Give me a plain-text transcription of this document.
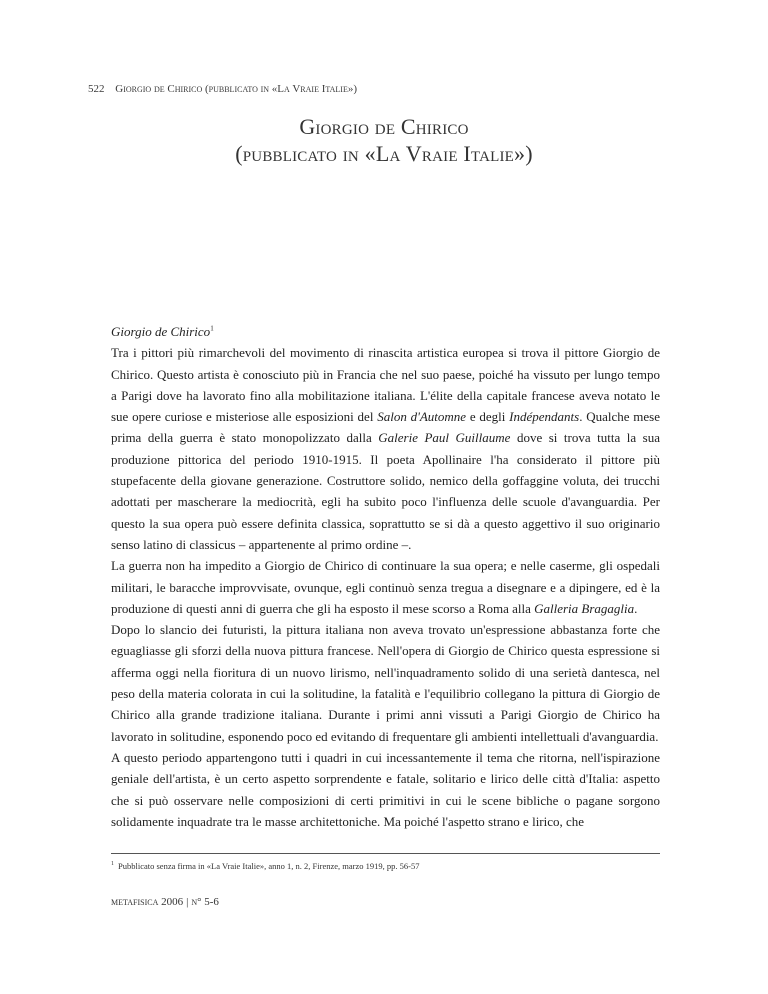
522 Giorgio de Chirico (pubblicato in «La Vraie Italie»)
Giorgio de Chirico
(pubblicato in «La Vraie Italie»)

Giorgio de Chirico$^1$

Tra i pittori più rimarchevoli del movimento di rinascita artistica europea si trova il pittore Giorgio de Chirico. Questo artista è conosciuto più in Francia che nel suo paese, poiché ha vissuto per lungo tempo a Parigi dove ha lavorato fino alla mobilitazione italiana. L'élite della capitale francese aveva notato le sue opere curiose e misteriose alle esposizioni del Salon d'Automne e degli Indépendants. Qualche mese prima della guerra è stato monopolizzato dalla Galerie Paul Guillaume dove si trova tutta la sua produzione pittorica del periodo 1910-1915. Il poeta Apollinaire l'ha considerato il pittore più stupefacente della giovane generazione. Costruttore solido, nemico della goffaggine voluta, dei trucchi adottati per mascherare la mediocrità, egli ha subito poco l'influenza delle scuole d'avanguardia. Per questo la sua opera può essere definita classica, soprattutto se si dà a questo aggettivo il suo originario senso latino di classicus – appartenente al primo ordine –.

La guerra non ha impedito a Giorgio de Chirico di continuare la sua opera; e nelle caserme, gli ospedali militari, le baracche improvvisate, ovunque, egli continuò senza tregua a disegnare e a dipingere, ed è la produzione di questi anni di guerra che gli ha esposto il mese scorso a Roma alla Galleria Bragaglia.

Dopo lo slancio dei futuristi, la pittura italiana non aveva trovato un'espressione abbastanza forte che eguagliasse gli sforzi della nuova pittura francese. Nell'opera di Giorgio de Chirico questa espressione si afferma oggi nella fioritura di un nuovo lirismo, nell'inquadramento solido di una serietà dantesca, nel peso della materia colorata in cui la solitudine, la fatalità e l'equilibrio collegano la pittura di Giorgio de Chirico alla grande tradizione italiana. Durante i primi anni vissuti a Parigi Giorgio de Chirico ha lavorato in solitudine, esponendo poco ed evitando di frequentare gli ambienti intellettuali d'avanguardia.

A questo periodo appartengono tutti i quadri in cui incessantemente il tema che ritorna, nell'ispirazione geniale dell'artista, è un certo aspetto sorprendente e fatale, solitario e lirico delle città d'Italia: aspetto che si può osservare nelle composizioni di certi primitivi in cui le scene bibliche o pagane sorgono solidamente inquadrate tra le masse architettoniche. Ma poiché l'aspetto strano e lirico, che

$^1$ Pubblicato senza firma in «La Vraie Italie», anno 1, n. 2, Firenze, marzo 1919, pp. 56-57
metafisica 2006 | n° 5-6
